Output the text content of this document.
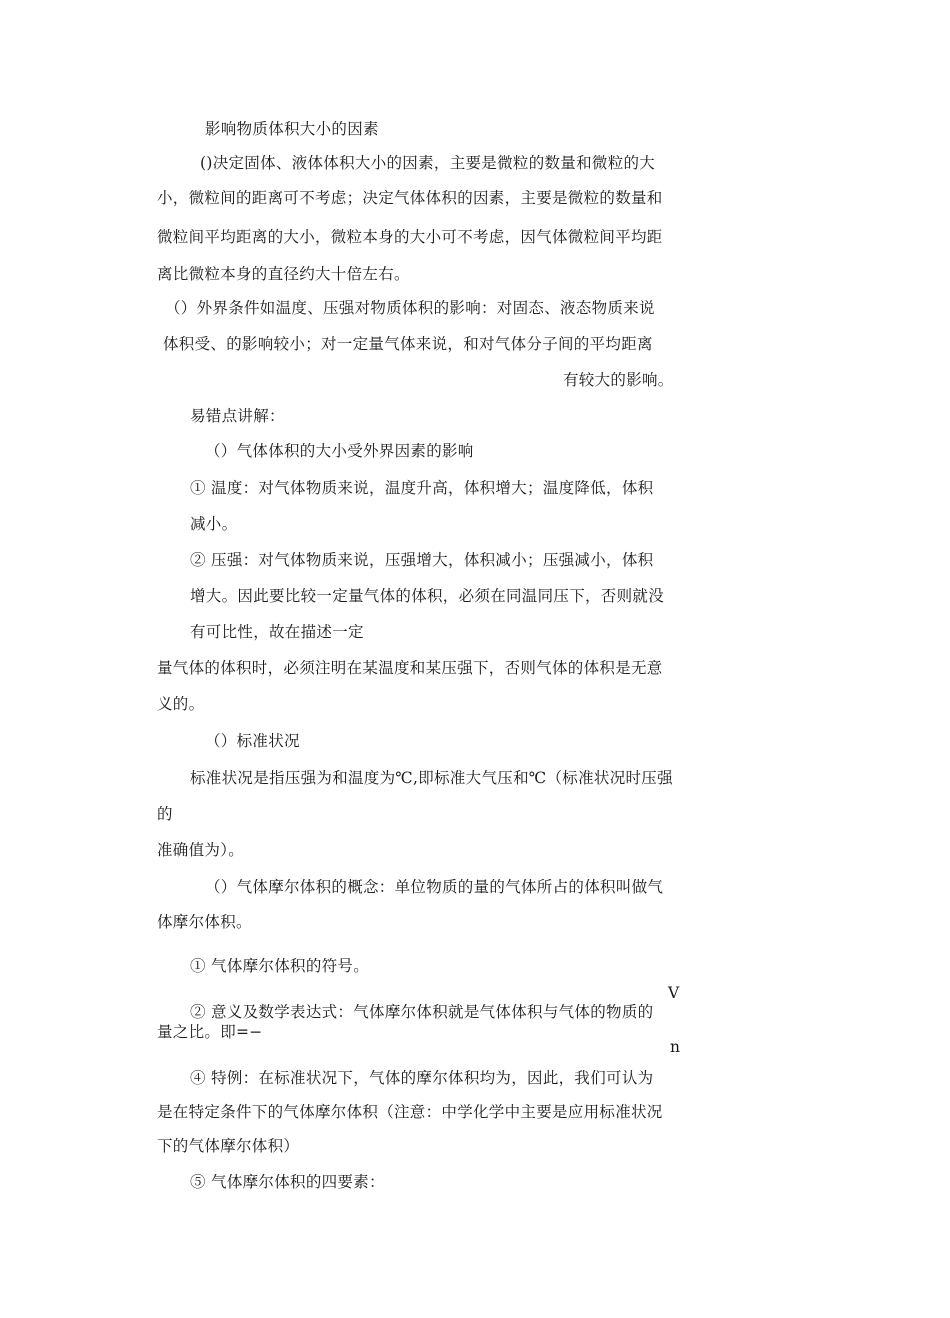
影响物质体积大小的因素
()决定固体、液体体积大小的因素，主要是微粒的数量和微粒的大
小，微粒间的距离可不考虑；决定气体体积的因素，主要是微粒的数量和
微粒间平均距离的大小，微粒本身的大小可不考虑，因气体微粒间平均距
离比微粒本身的直径约大十倍左右。
（）外界条件如温度、压强对物质体积的影响：对固态、液态物质来说
体积受、的影响较小；对一定量气体来说，和对气体分子间的平均距离
有较大的影响。
易错点讲解：
（）气体体积的大小受外界因素的影响
① 温度：对气体物质来说，温度升高，体积增大；温度降低，体积
减小。
② 压强：对气体物质来说，压强增大，体积减小；压强减小，体积
增大。因此要比较一定量气体的体积，必须在同温同压下，否则就没
有可比性，故在描述一定
量气体的体积时，必须注明在某温度和某压强下，否则气体的体积是无意
义的。
（）标准状况
标准状况是指压强为和温度为℃,即标准大气压和℃（标准状况时压强
的
准确值为）。
（）气体摩尔体积的概念：单位物质的量的气体所占的体积叫做气
体摩尔体积。
① 气体摩尔体积的符号。
V
② 意义及数学表达式：气体摩尔体积就是气体体积与气体的物质的
量之比。即=−
n
④ 特例：在标准状况下，气体的摩尔体积均为，因此，我们可认为
是在特定条件下的气体摩尔体积（注意：中学化学中主要是应用标准状况
下的气体摩尔体积）
⑤ 气体摩尔体积的四要素：
